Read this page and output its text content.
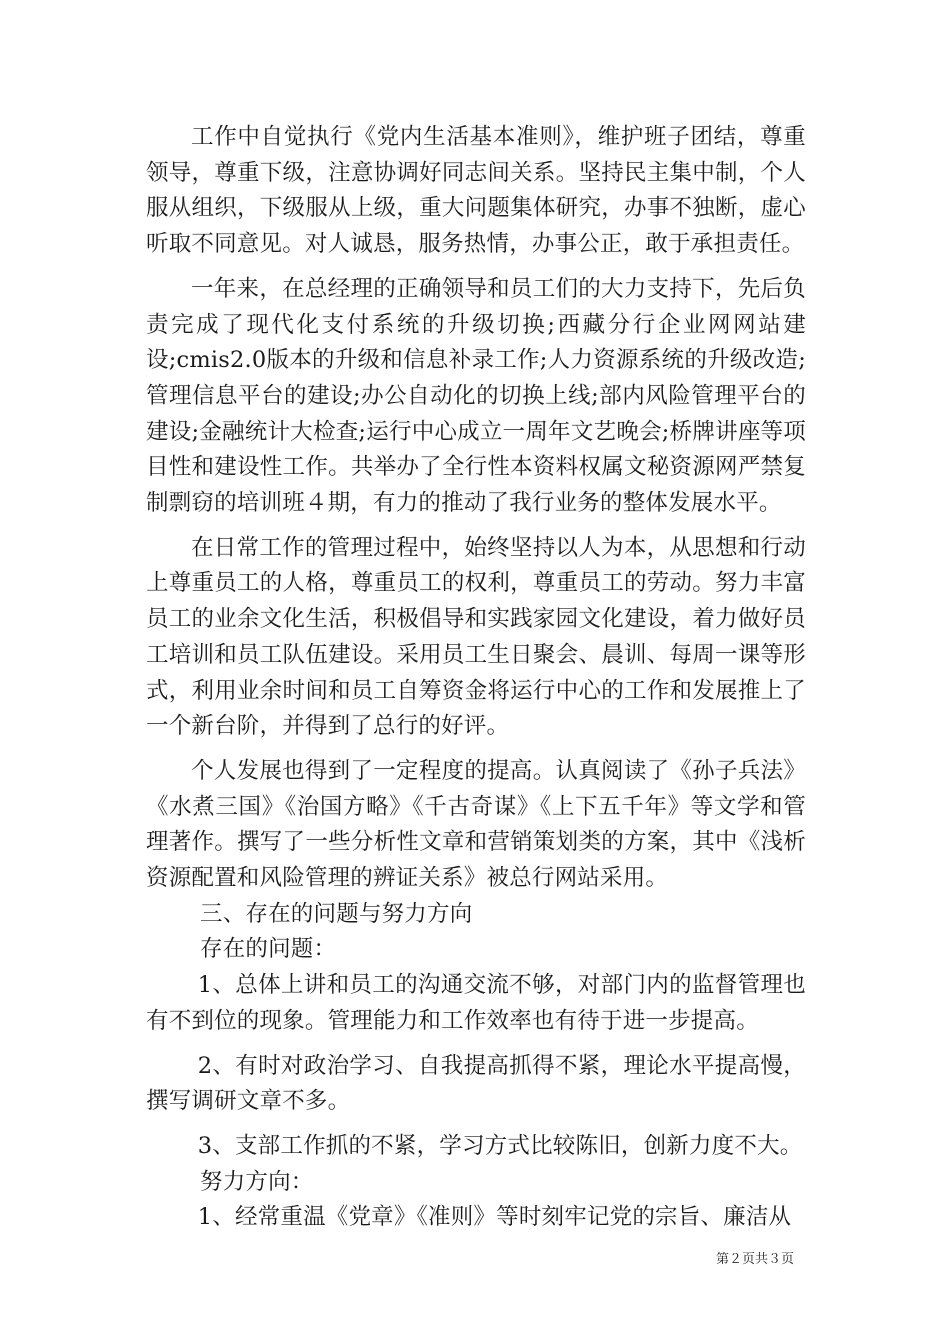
工作中自觉执行《党内生活基本准则》，维护班子团结，尊重领导，尊重下级，注意协调好同志间关系。坚持民主集中制，个人服从组织，下级服从上级，重大问题集体研究，办事不独断，虚心听取不同意见。对人诚恳，服务热情，办事公正，敢于承担责任。

一年来，在总经理的正确领导和员工们的大力支持下，先后负责完成了现代化支付系统的升级切换;西藏分行企业网网站建设;cmis2.0版本的升级和信息补录工作;人力资源系统的升级改造;管理信息平台的建设;办公自动化的切换上线;部内风险管理平台的建设;金融统计大检查;运行中心成立一周年文艺晚会;桥牌讲座等项目性和建设性工作。共举办了全行性本资料权属文秘资源网严禁复制剽窃的培训班４期，有力的推动了我行业务的整体发展水平。

在日常工作的管理过程中，始终坚持以人为本，从思想和行动上尊重员工的人格，尊重员工的权利，尊重员工的劳动。努力丰富员工的业余文化生活，积极倡导和实践家园文化建设，着力做好员工培训和员工队伍建设。采用员工生日聚会、晨训、每周一课等形式，利用业余时间和员工自筹资金将运行中心的工作和发展推上了一个新台阶，并得到了总行的好评。

个人发展也得到了一定程度的提高。认真阅读了《孙子兵法》《水煮三国》《治国方略》《千古奇谋》《上下五千年》等文学和管理著作。撰写了一些分析性文章和营销策划类的方案，其中《浅析资源配置和风险管理的辨证关系》被总行网站采用。

三、存在的问题与努力方向

存在的问题：

1、总体上讲和员工的沟通交流不够，对部门内的监督管理也有不到位的现象。管理能力和工作效率也有待于进一步提高。

2、有时对政治学习、自我提高抓得不紧，理论水平提高慢，撰写调研文章不多。

3、支部工作抓的不紧，学习方式比较陈旧，创新力度不大。

努力方向：

1、经常重温《党章》《准则》等时刻牢记党的宗旨、廉洁从

第２页共３页
